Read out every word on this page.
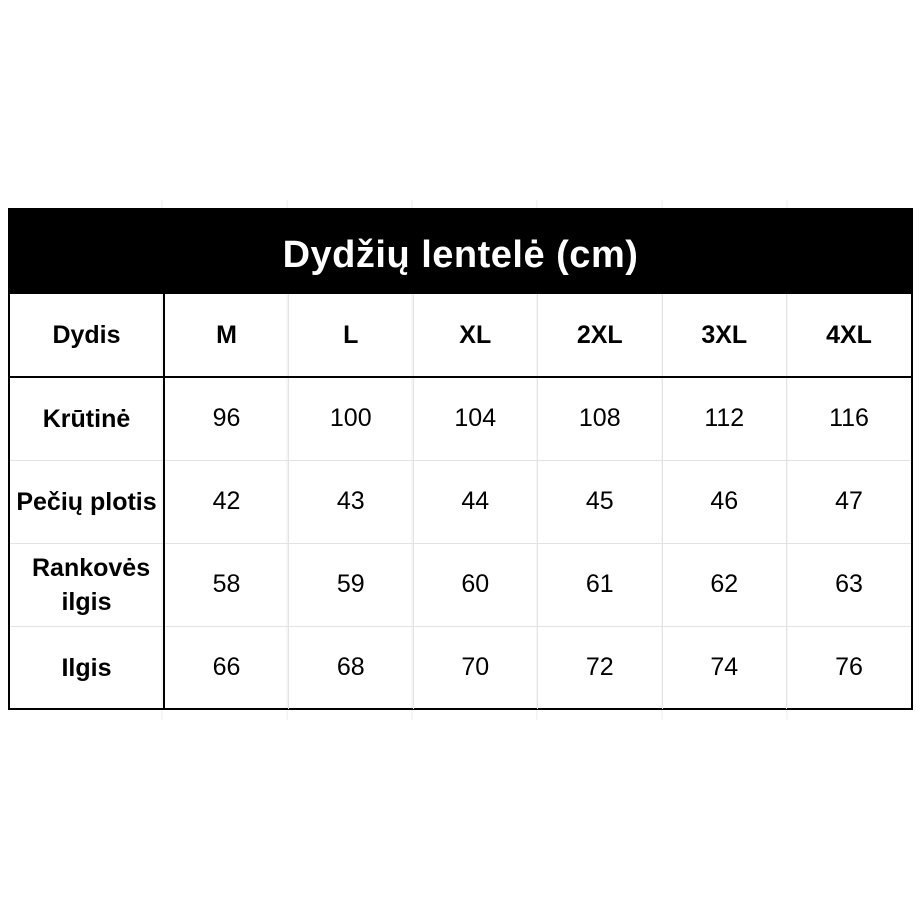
Dydžių lentelė (cm)
Dydis	M	L	XL	2XL	3XL	4XL
Krūtinė	96	100	104	108	112	116
Pečių plotis	42	43	44	45	46	47
Rankovės ilgis	58	59	60	61	62	63
Ilgis	66	68	70	72	74	76
